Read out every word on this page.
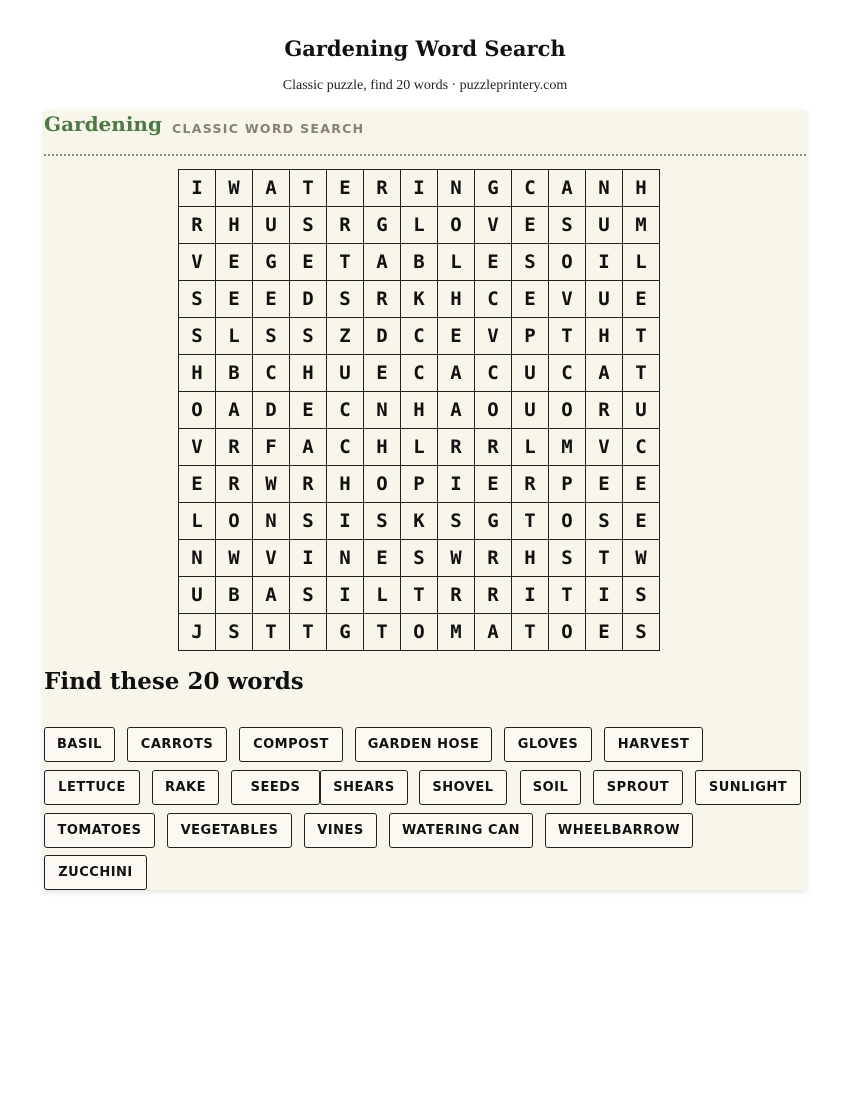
Gardening Word Search
Classic puzzle, find 20 words · puzzleprintery.com
Gardening CLASSIC WORD SEARCH
I	W	A	T	E	R	I	N	G	C	A	N	H
R	H	U	S	R	G	L	O	V	E	S	U	M
V	E	G	E	T	A	B	L	E	S	O	I	L
S	E	E	D	S	R	K	H	C	E	V	U	E
S	L	S	S	Z	D	C	E	V	P	T	H	T
H	B	C	H	U	E	C	A	C	U	C	A	T
O	A	D	E	C	N	H	A	O	U	O	R	U
V	R	F	A	C	H	L	R	R	L	M	V	C
E	R	W	R	H	O	P	I	E	R	P	E	E
L	O	N	S	I	S	K	S	G	T	O	S	E
N	W	V	I	N	E	S	W	R	H	S	T	W
U	B	A	S	I	L	T	R	R	I	T	I	S
J	S	T	T	G	T	O	M	A	T	O	E	S
Find these 20 words
BASIL	CARROTS	COMPOST	GARDEN HOSE	GLOVES	HARVEST
LETTUCE	RAKE	SEEDS	SHEARS	SHOVEL	SOIL	SPROUT	SUNLIGHT
TOMATOES	VEGETABLES	VINES	WATERING CAN	WHEELBARROW
ZUCCHINI
